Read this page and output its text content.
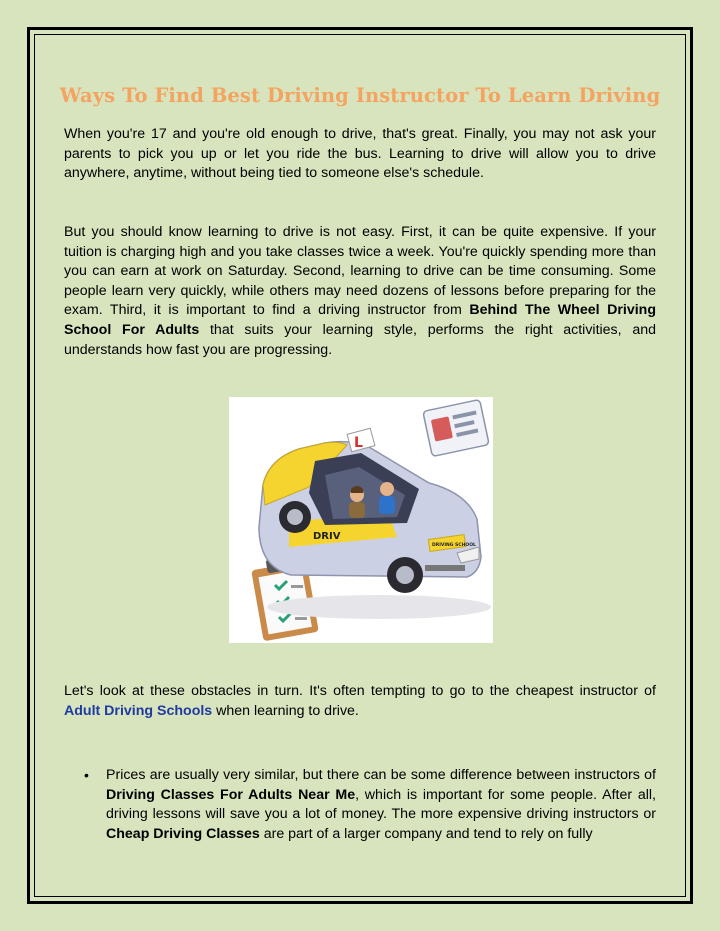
Ways To Find Best Driving Instructor To Learn Driving

When you're 17 and you're old enough to drive, that's great. Finally, you may not ask your parents to pick you up or let you ride the bus. Learning to drive will allow you to drive anywhere, anytime, without being tied to someone else's schedule.

But you should know learning to drive is not easy. First, it can be quite expensive. If your tuition is charging high and you take classes twice a week. You're quickly spending more than you can earn at work on Saturday. Second, learning to drive can be time consuming. Some people learn very quickly, while others may need dozens of lessons before preparing for the exam. Third, it is important to find a driving instructor from Behind The Wheel Driving School For Adults that suits your learning style, performs the right activities, and understands how fast you are progressing.

DRIV
L
DRIVING SCHOOL

Let's look at these obstacles in turn. It's often tempting to go to the cheapest instructor of Adult Driving Schools when learning to drive.

• Prices are usually very similar, but there can be some difference between instructors of Driving Classes For Adults Near Me, which is important for some people. After all, driving lessons will save you a lot of money. The more expensive driving instructors or Cheap Driving Classes are part of a larger company and tend to rely on fully
